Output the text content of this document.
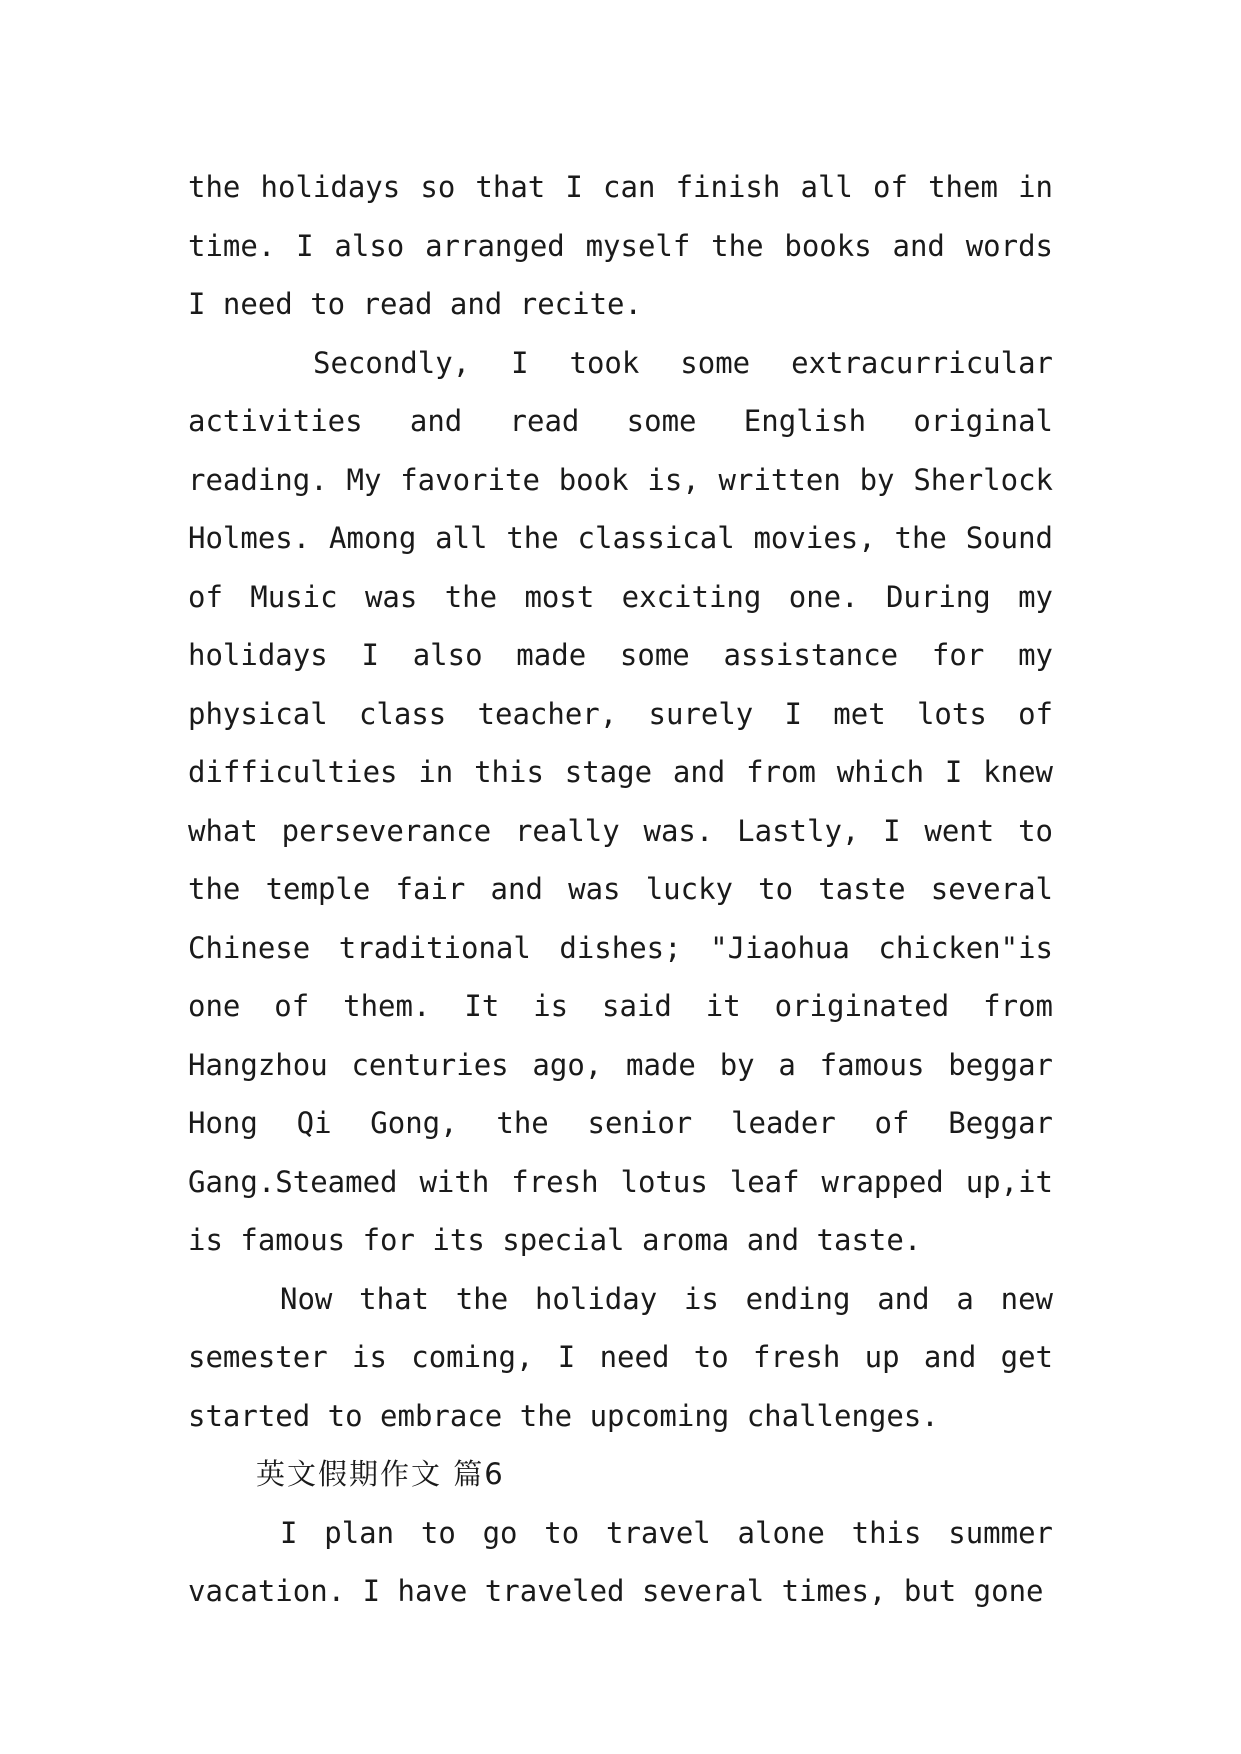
the holidays so that I can finish all of them in time. I also arranged myself the books and words I need to read and recite.

Secondly, I took some extracurricular activities and read some English original reading. My favorite book is, written by Sherlock Holmes. Among all the classical movies, the Sound of Music was the most exciting one. During my holidays I also made some assistance for my physical class teacher, surely I met lots of difficulties in this stage and from which I knew what perseverance really was. Lastly, I went to the temple fair and was lucky to taste several Chinese traditional dishes; "Jiaohua chicken"is one of them. It is said it originated from Hangzhou centuries ago, made by a famous beggar Hong Qi Gong, the senior leader of Beggar Gang.Steamed with fresh lotus leaf wrapped up,it is famous for its special aroma and taste.

Now that the holiday is ending and a new semester is coming, I need to fresh up and get started to embrace the upcoming challenges.

英文假期作文 篇6

I plan to go to travel alone this summer vacation. I have traveled several times, but gone
